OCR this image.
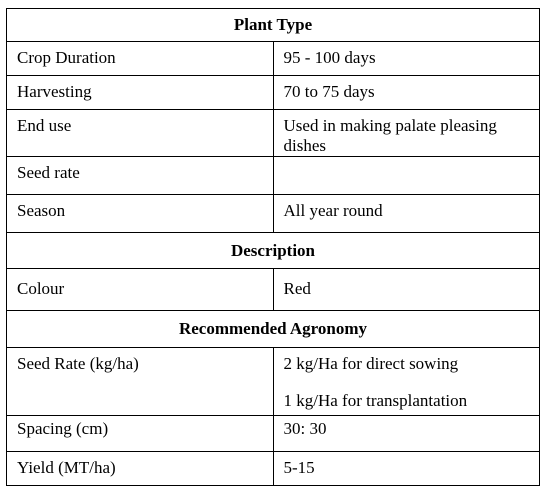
Plant Type	

Crop Duration	95 - 100 days

Harvesting	70 to 75 days

End use	Used in making palate pleasing dishes

Seed rate	

Season	All year round

Description	

Colour	Red

Recommended Agronomy	

Seed Rate (kg/ha)	2 kg/Ha for direct sowing
1 kg/Ha for transplantation

Spacing (cm)	30: 30

Yield (MT/ha)	5-15
